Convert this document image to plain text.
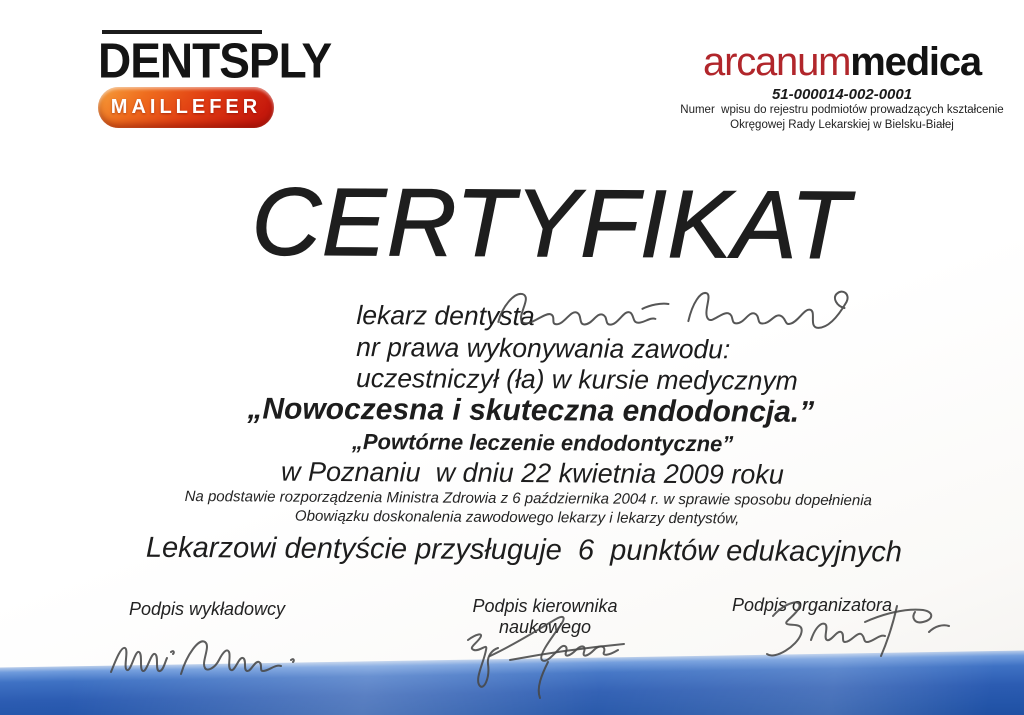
DENTSPLY
MAILLEFER
arcanummedica
51-000014-002-0001
Numer  wpisu do rejestru podmiotów prowadzących kształcenie
Okręgowej Rady Lekarskiej w Bielsku-Białej
CERTYFIKAT
lekarz dentysta
nr prawa wykonywania zawodu:
uczestniczył (ła) w kursie medycznym
„Nowoczesna i skuteczna endodoncja.”
„Powtórne leczenie endodontyczne”
w Poznaniu  w dniu 22 kwietnia 2009 roku
Na podstawie rozporządzenia Ministra Zdrowia z 6 października 2004 r. w sprawie sposobu dopełnienia
Obowiązku doskonalenia zawodowego lekarzy i lekarzy dentystów,
Lekarzowi dentyście przysługuje  6  punktów edukacyjnych
Podpis wykładowcy	Podpis kierownika naukowego
Podpis organizatora
